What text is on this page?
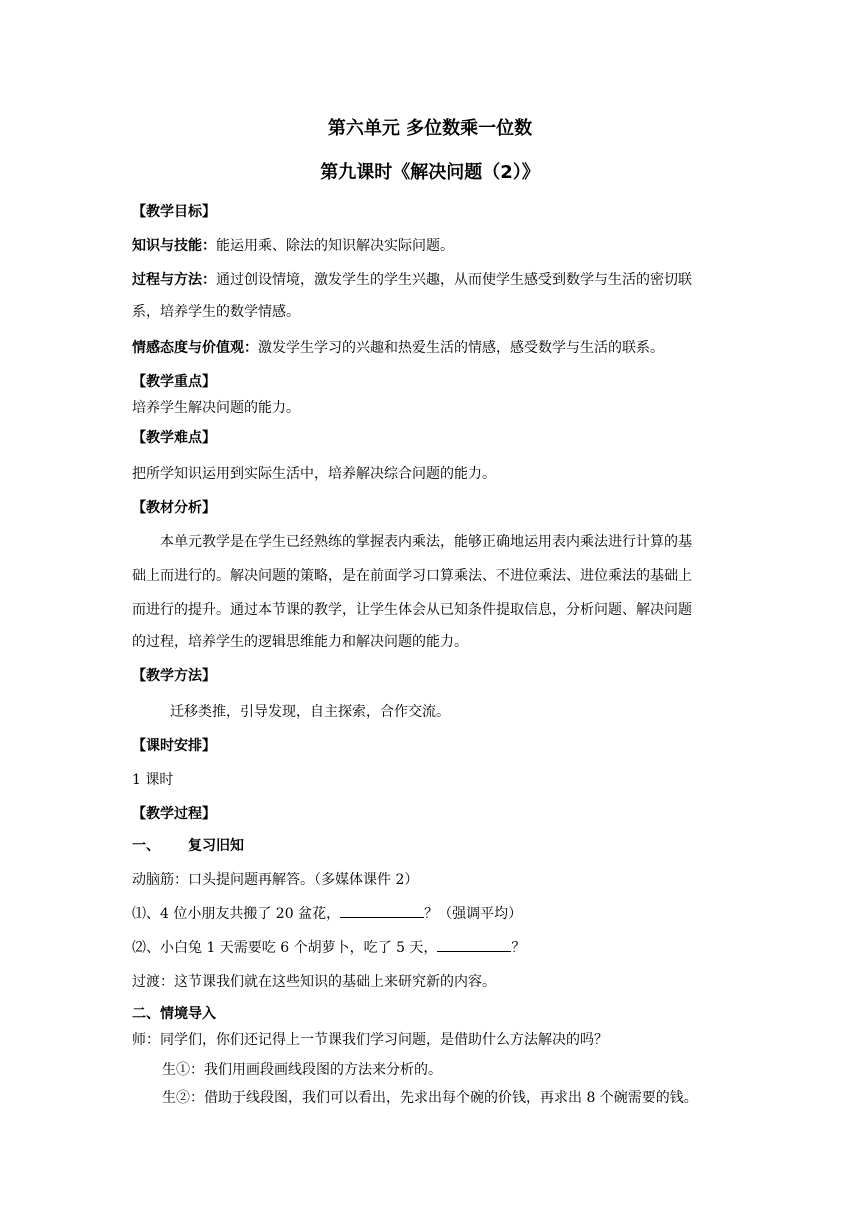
第六单元 多位数乘一位数
第九课时《解决问题（2）》
【教学目标】
知识与技能：能运用乘、除法的知识解决实际问题。
过程与方法：通过创设情境，激发学生的学生兴趣，从而使学生感受到数学与生活的密切联
系，培养学生的数学情感。
情感态度与价值观：激发学生学习的兴趣和热爱生活的情感，感受数学与生活的联系。
【教学重点】
培养学生解决问题的能力。
【教学难点】
把所学知识运用到实际生活中，培养解决综合问题的能力。
【教材分析】
本单元教学是在学生已经熟练的掌握表内乘法，能够正确地运用表内乘法进行计算的基
础上而进行的。解决问题的策略，是在前面学习口算乘法、不进位乘法、进位乘法的基础上
而进行的提升。通过本节课的教学，让学生体会从已知条件提取信息，分析问题、解决问题
的过程，培养学生的逻辑思维能力和解决问题的能力。
【教学方法】
迁移类推，引导发现，自主探索，合作交流。
【课时安排】
1 课时
【教学过程】
一、 复习旧知
动脑筋：口头提问题再解答。（多媒体课件 2）
⑴、4 位小朋友共搬了 20 盆花，	？（强调平均）
⑵、小白兔 1 天需要吃 6 个胡萝卜，吃了 5 天，	？
过渡：这节课我们就在这些知识的基础上来研究新的内容。
二、情境导入
师：同学们，你们还记得上一节课我们学习问题，是借助什么方法解决的吗？
生①：我们用画段画线段图的方法来分析的。
生②：借助于线段图，我们可以看出，先求出每个碗的价钱，再求出 8 个碗需要的钱。
